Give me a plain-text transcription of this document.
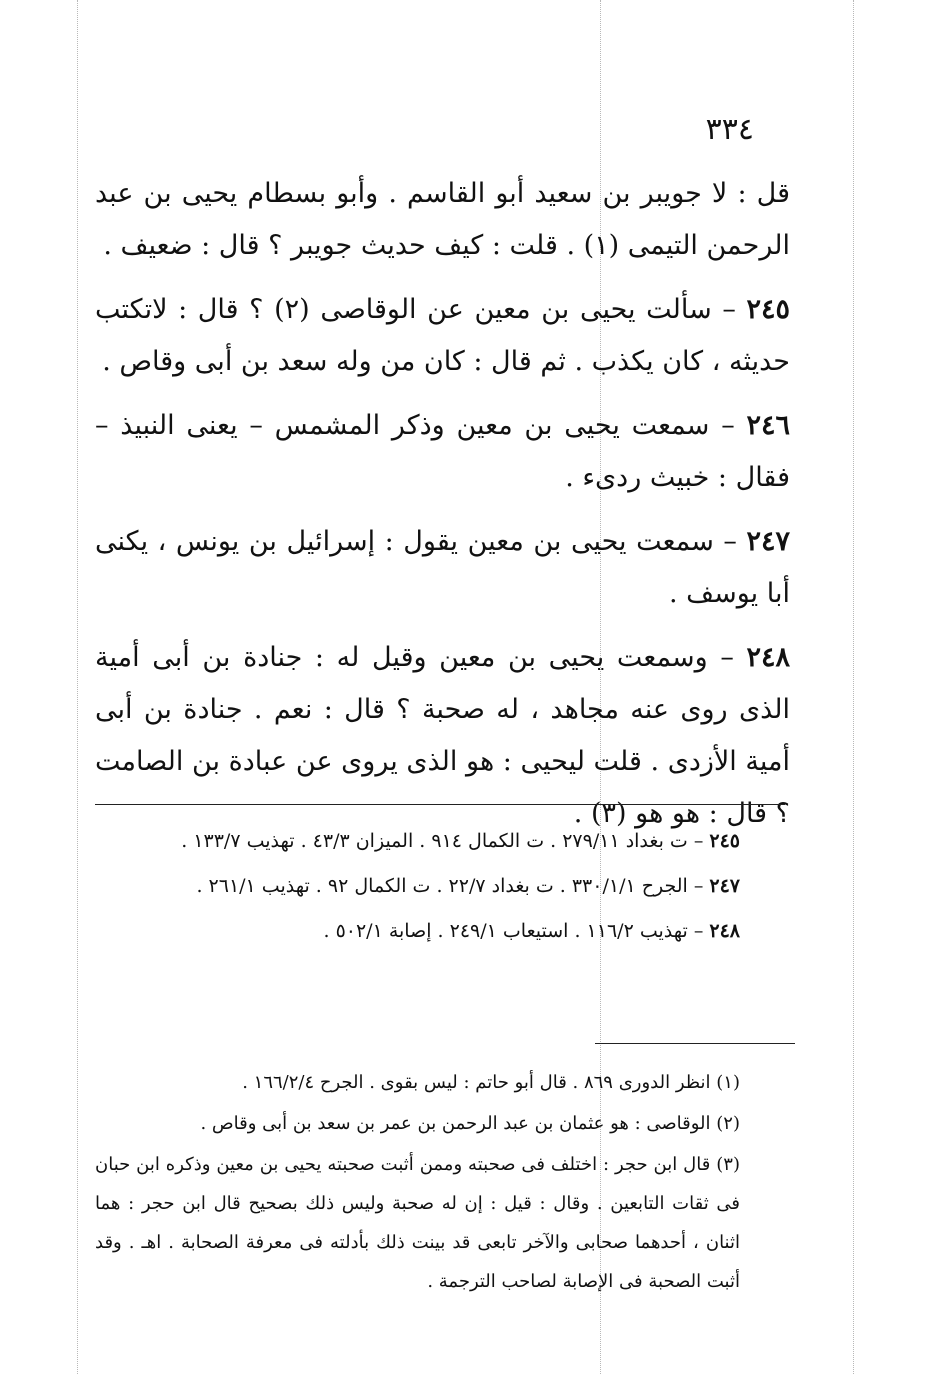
٣٣٤

قل : لا جويبر بن سعيد أبو القاسم . وأبو بسطام يحيى بن عبد الرحمن التيمى (١) . قلت : كيف حديث جويبر ؟ قال : ضعيف .

٢٤٥ – سألت يحيى بن معين عن الوقاصى (٢) ؟ قال : لاتكتب حديثه ، كان يكذب . ثم قال : كان من وله سعد بن أبى وقاص .

٢٤٦ – سمعت يحيى بن معين وذكر المشمس – يعنى النبيذ – فقال : خبيث ردىء .

٢٤٧ – سمعت يحيى بن معين يقول : إسرائيل بن يونس ، يكنى أبا يوسف .

٢٤٨ – وسمعت يحيى بن معين وقيل له : جنادة بن أبى أمية الذى روى عنه مجاهد ، له صحبة ؟ قال : نعم . جنادة بن أبى أمية الأزدى . قلت ليحيى : هو الذى يروى عن عبادة بن الصامت ؟ قال : هو هو (٣) .

٢٤٥ – ت بغداد ٢٧٩/١١ . ت الكمال ٩١٤ . الميزان ٤٣/٣ . تهذيب ١٣٣/٧ .

٢٤٧ – الجرح ٣٣٠/١/١ . ت بغداد ٢٢/٧ . ت الكمال ٩٢ . تهذيب ٢٦١/١ .

٢٤٨ – تهذيب ١١٦/٢ . استيعاب ٢٤٩/١ . إصابة ٥٠٢/١ .

(١) انظر الدورى ٨٦٩ . قال أبو حاتم : ليس بقوى . الجرح ١٦٦/٢/٤ .

(٢) الوقاصى : هو عثمان بن عبد الرحمن بن عمر بن سعد بن أبى وقاص .

(٣) قال ابن حجر : اختلف فى صحبته وممن أثبت صحبته يحيى بن معين وذكره ابن حبان فى ثقات التابعين . وقال : قيل : إن له صحبة وليس ذلك بصحيح قال ابن حجر : هما اثنان ، أحدهما صحابى والآخر تابعى قد بينت ذلك بأدلته فى معرفة الصحابة . اهـ . وقد أثبت الصحبة فى الإصابة لصاحب الترجمة .
